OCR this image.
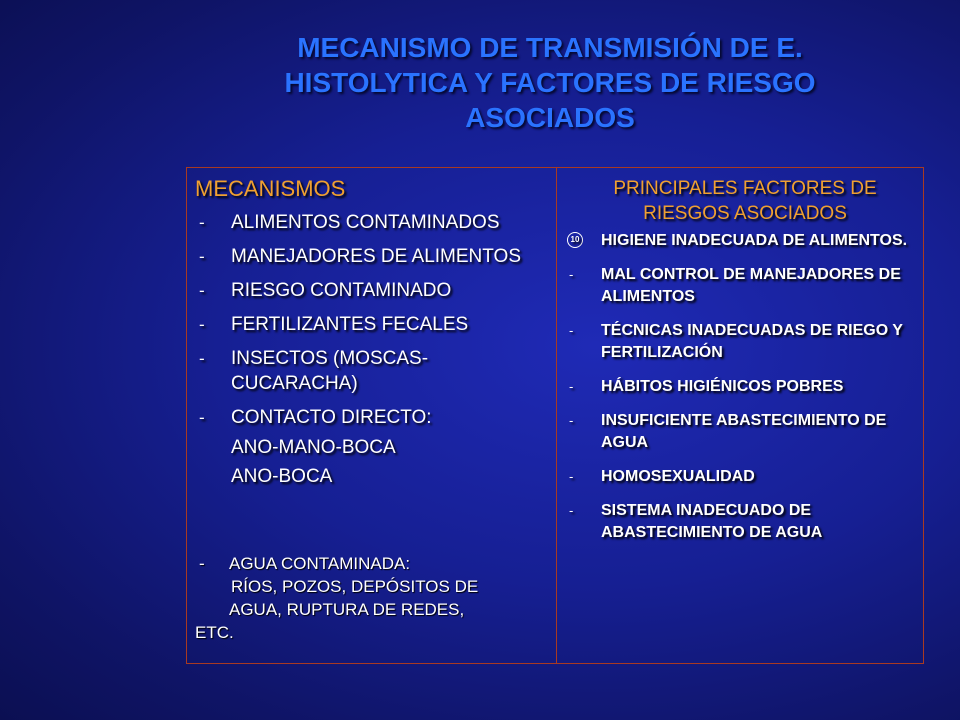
MECANISMO DE TRANSMISIÓN DE E.
HISTOLYTICA Y FACTORES DE RIESGO
ASOCIADOS
MECANISMOS
- ALIMENTOS CONTAMINADOS
- MANEJADORES DE ALIMENTOS
- RIESGO CONTAMINADO
- FERTILIZANTES FECALES
- INSECTOS (MOSCAS-CUCARACHA)
- CONTACTO DIRECTO:
ANO-MANO-BOCA
ANO-BOCA
- AGUA CONTAMINADA:
RÍOS, POZOS, DEPÓSITOS DE
AGUA, RUPTURA DE REDES,
ETC.
PRINCIPALES FACTORES DE RIESGOS ASOCIADOS
10 HIGIENE INADECUADA DE ALIMENTOS.
- MAL CONTROL DE MANEJADORES DE ALIMENTOS
- TÉCNICAS INADECUADAS DE RIEGO Y FERTILIZACIÓN
- HÁBITOS HIGIÉNICOS POBRES
- INSUFICIENTE ABASTECIMIENTO DE AGUA
- HOMOSEXUALIDAD
- SISTEMA INADECUADO DE ABASTECIMIENTO DE AGUA
